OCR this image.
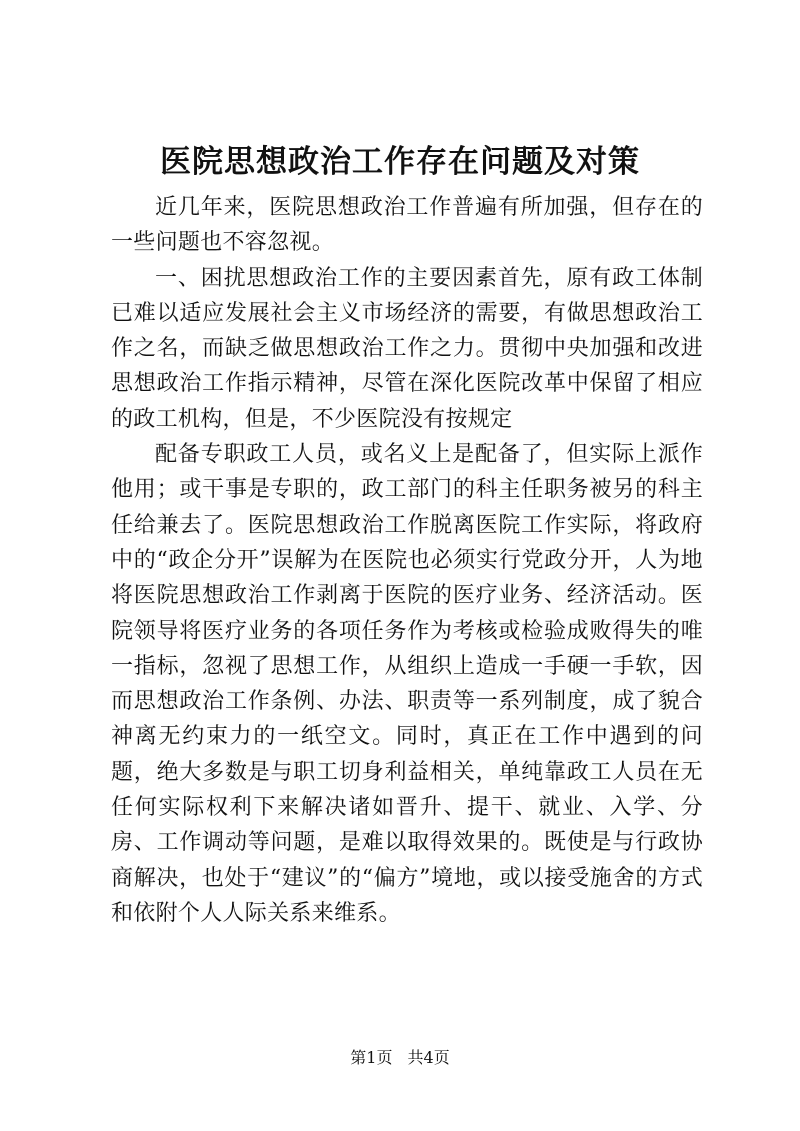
医院思想政治工作存在问题及对策

近几年来，医院思想政治工作普遍有所加强，但存在的一些问题也不容忽视。

一、困扰思想政治工作的主要因素首先，原有政工体制已难以适应发展社会主义市场经济的需要，有做思想政治工作之名，而缺乏做思想政治工作之力。贯彻中央加强和改进思想政治工作指示精神，尽管在深化医院改革中保留了相应的政工机构，但是，不少医院没有按规定

配备专职政工人员，或名义上是配备了，但实际上派作他用；或干事是专职的，政工部门的科主任职务被另的科主任给兼去了。医院思想政治工作脱离医院工作实际，将政府中的“政企分开”误解为在医院也必须实行党政分开，人为地将医院思想政治工作剥离于医院的医疗业务、经济活动。医院领导将医疗业务的各项任务作为考核或检验成败得失的唯一指标，忽视了思想工作，从组织上造成一手硬一手软，因而思想政治工作条例、办法、职责等一系列制度，成了貌合神离无约束力的一纸空文。同时，真正在工作中遇到的问题，绝大多数是与职工切身利益相关，单纯靠政工人员在无任何实际权利下来解决诸如晋升、提干、就业、入学、分房、工作调动等问题，是难以取得效果的。既使是与行政协商解决，也处于“建议”的“偏方”境地，或以接受施舍的方式和依附个人人际关系来维系。

第1页 共4页
